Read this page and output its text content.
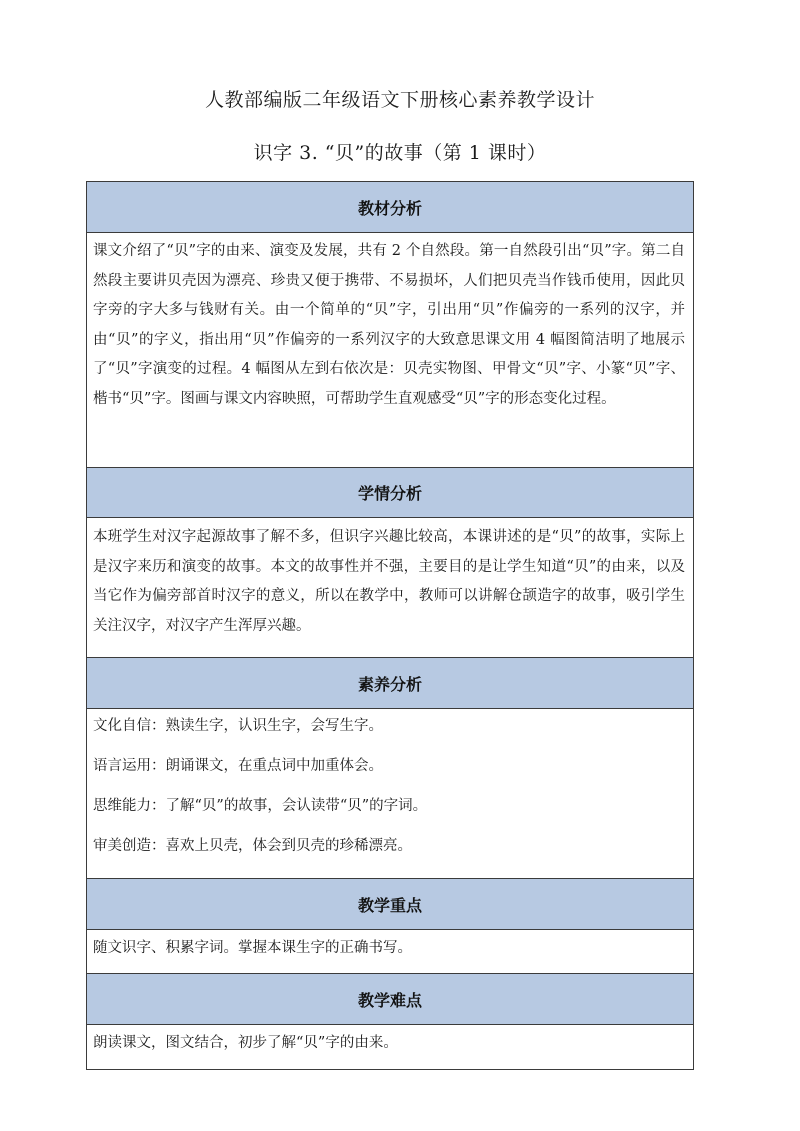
人教部编版二年级语文下册核心素养教学设计
识字 3. “贝”的故事（第 1 课时）
教材分析

课文介绍了“贝”字的由来、演变及发展，共有 2 个自然段。第一自然段引出“贝”字。第二自然段主要讲贝壳因为漂亮、珍贵又便于携带、不易损坏，人们把贝壳当作钱币使用，因此贝字旁的字大多与钱财有关。由一个简单的“贝”字，引出用“贝”作偏旁的一系列的汉字，并由“贝”的字义，指出用“贝”作偏旁的一系列汉字的大致意思课文用 4 幅图简洁明了地展示了“贝”字演变的过程。4 幅图从左到右依次是：贝壳实物图、甲骨文“贝”字、小篆“贝”字、楷书“贝”字。图画与课文内容映照，可帮助学生直观感受“贝”字的形态变化过程。

学情分析

本班学生对汉字起源故事了解不多，但识字兴趣比较高，本课讲述的是“贝”的故事，实际上是汉字来历和演变的故事。本文的故事性并不强，主要目的是让学生知道“贝”的由来，以及当它作为偏旁部首时汉字的意义，所以在教学中，教师可以讲解仓颉造字的故事，吸引学生关注汉字，对汉字产生浑厚兴趣。

素养分析

文化自信：熟读生字，认识生字，会写生字。

语言运用：朗诵课文，在重点词中加重体会。

思维能力：了解“贝”的故事，会认读带“贝”的字词。

审美创造：喜欢上贝壳，体会到贝壳的珍稀漂亮。

教学重点

随文识字、积累字词。掌握本课生字的正确书写。

教学难点

朗读课文，图文结合，初步了解“贝”字的由来。
